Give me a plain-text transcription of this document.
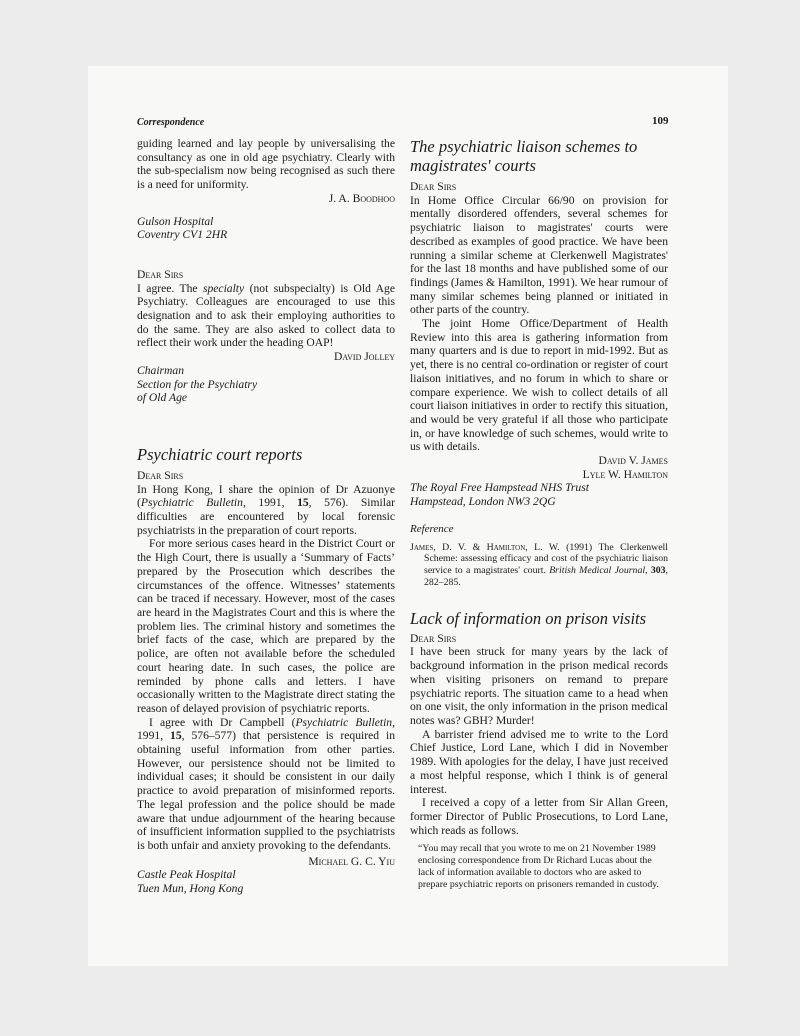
Correspondence	109

guiding learned and lay people by universalising the consultancy as one in old age psychiatry. Clearly with the sub-specialism now being recognised as such there is a need for uniformity.

J. A. Boodhoo

Gulson Hospital

Coventry CV1 2HR

Dear Sirs

I agree. The specialty (not subspecialty) is Old Age Psychiatry. Colleagues are encouraged to use this designation and to ask their employing authorities to do the same. They are also asked to collect data to reflect their work under the heading OAP!

David Jolley

Chairman

Section for the Psychiatry

of Old Age

Psychiatric court reports

Dear Sirs

In Hong Kong, I share the opinion of Dr Azuonye (Psychiatric Bulletin, 1991, 15, 576). Similar difficulties are encountered by local forensic psychiatrists in the preparation of court reports.

For more serious cases heard in the District Court or the High Court, there is usually a ‘Summary of Facts’ prepared by the Prosecution which describes the circumstances of the offence. Witnesses’ statements can be traced if necessary. However, most of the cases are heard in the Magistrates Court and this is where the problem lies. The criminal history and sometimes the brief facts of the case, which are prepared by the police, are often not available before the scheduled court hearing date. In such cases, the police are reminded by phone calls and letters. I have occasionally written to the Magistrate direct stating the reason of delayed provision of psychiatric reports.

I agree with Dr Campbell (Psychiatric Bulletin, 1991, 15, 576–577) that persistence is required in obtaining useful information from other parties. However, our persistence should not be limited to individual cases; it should be consistent in our daily practice to avoid preparation of misinformed reports. The legal profession and the police should be made aware that undue adjournment of the hearing because of insufficient information supplied to the psychiatrists is both unfair and anxiety provoking to the defendants.

Michael G. C. Yiu

Castle Peak Hospital

Tuen Mun, Hong Kong

The psychiatric liaison schemes to
magistrates' courts

Dear Sirs

In Home Office Circular 66/90 on provision for mentally disordered offenders, several schemes for psychiatric liaison to magistrates' courts were described as examples of good practice. We have been running a similar scheme at Clerkenwell Magistrates' for the last 18 months and have published some of our findings (James & Hamilton, 1991). We hear rumour of many similar schemes being planned or initiated in other parts of the country.

The joint Home Office/Department of Health Review into this area is gathering information from many quarters and is due to report in mid-1992. But as yet, there is no central co-ordination or register of court liaison initiatives, and no forum in which to share or compare experience. We wish to collect details of all court liaison initiatives in order to rectify this situation, and would be very grateful if all those who participate in, or have knowledge of such schemes, would write to us with details.

David V. James

Lyle W. Hamilton

The Royal Free Hampstead NHS Trust

Hampstead, London NW3 2QG

Reference

James, D. V. & Hamilton, L. W. (1991) The Clerkenwell Scheme: assessing efficacy and cost of the psychiatric liaison service to a magistrates' court. British Medical Journal, 303, 282–285.

Lack of information on prison visits

Dear Sirs

I have been struck for many years by the lack of background information in the prison medical records when visiting prisoners on remand to prepare psychiatric reports. The situation came to a head when on one visit, the only information in the prison medical notes was? GBH? Murder!

A barrister friend advised me to write to the Lord Chief Justice, Lord Lane, which I did in November 1989. With apologies for the delay, I have just received a most helpful response, which I think is of general interest.

I received a copy of a letter from Sir Allan Green, former Director of Public Prosecutions, to Lord Lane, which reads as follows.

“You may recall that you wrote to me on 21 November 1989 enclosing correspondence from Dr Richard Lucas about the lack of information available to doctors who are asked to prepare psychiatric reports on prisoners remanded in custody.
